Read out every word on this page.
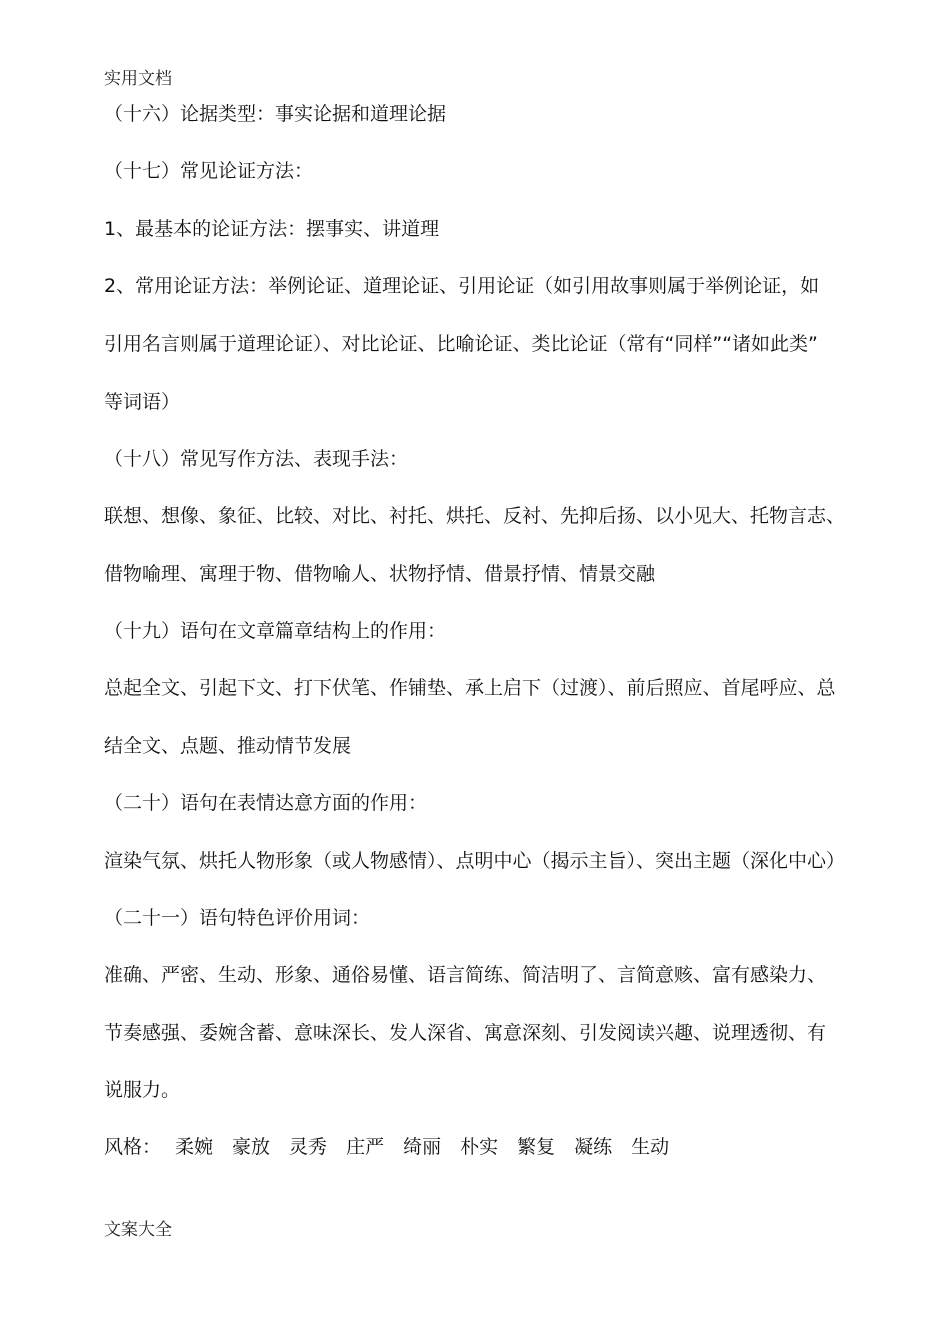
实用文档
（十六）论据类型：事实论据和道理论据
（十七）常见论证方法：
1、最基本的论证方法：摆事实、讲道理
2、常用论证方法：举例论证、道理论证、引用论证（如引用故事则属于举例论证，如
引用名言则属于道理论证）、对比论证、比喻论证、类比论证（常有“同样”“诸如此类”
等词语）
（十八）常见写作方法、表现手法：
联想、想像、象征、比较、对比、衬托、烘托、反衬、先抑后扬、以小见大、托物言志、
借物喻理、寓理于物、借物喻人、状物抒情、借景抒情、情景交融
（十九）语句在文章篇章结构上的作用：
总起全文、引起下文、打下伏笔、作铺垫、承上启下（过渡）、前后照应、首尾呼应、总
结全文、点题、推动情节发展
（二十）语句在表情达意方面的作用：
渲染气氛、烘托人物形象（或人物感情）、点明中心（揭示主旨）、突出主题（深化中心）
（二十一）语句特色评价用词：
准确、严密、生动、形象、通俗易懂、语言简练、简洁明了、言简意赅、富有感染力、
节奏感强、委婉含蓄、意味深长、发人深省、寓意深刻、引发阅读兴趣、说理透彻、有
说服力。
风格： 柔婉 豪放 灵秀 庄严 绮丽 朴实 繁复 凝练 生动
文案大全
